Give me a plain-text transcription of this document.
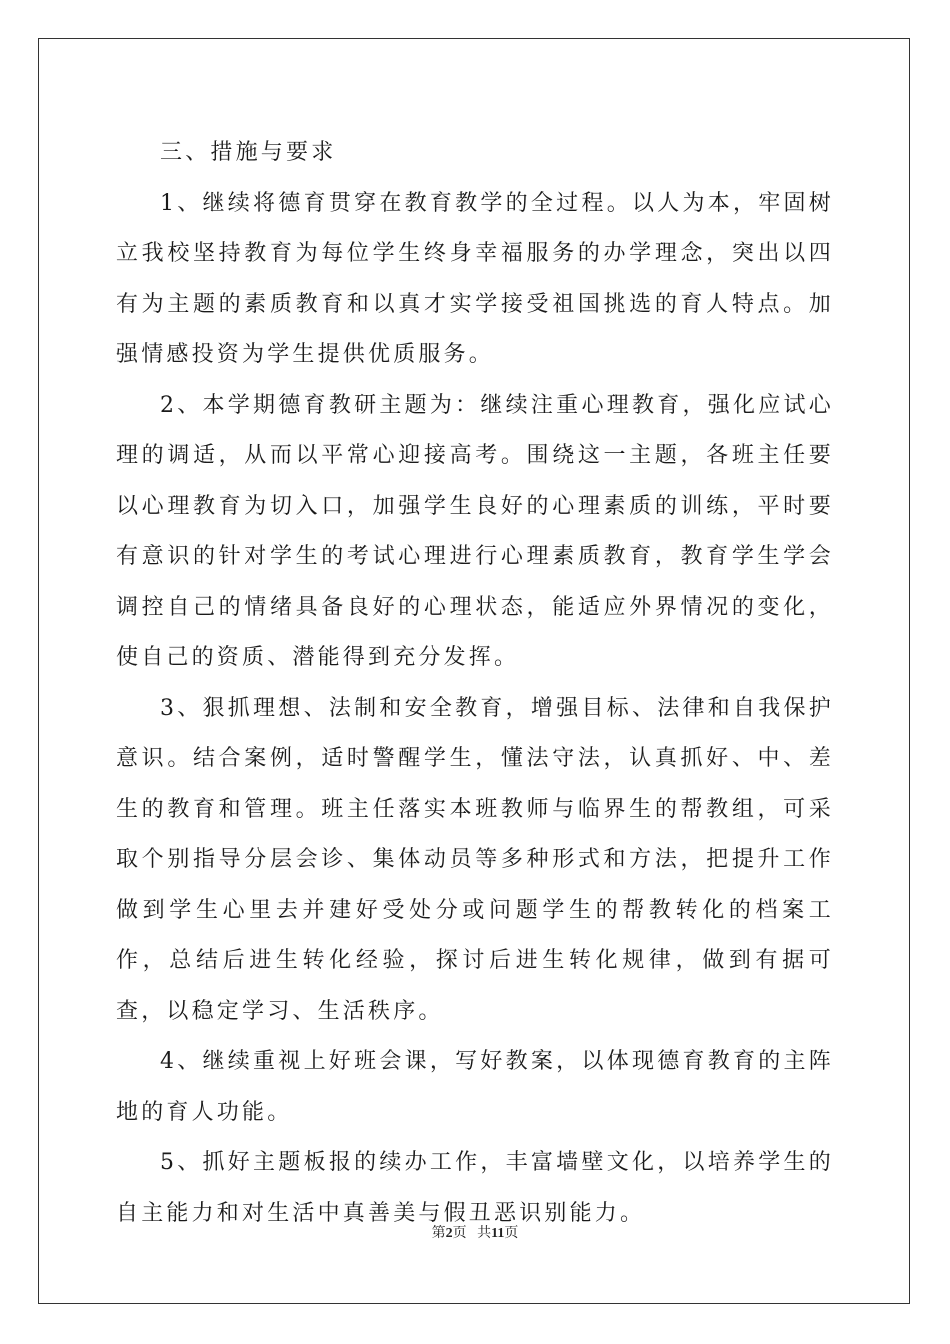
三、措施与要求

1、继续将德育贯穿在教育教学的全过程。以人为本，牢固树立我校坚持教育为每位学生终身幸福服务的办学理念，突出以四有为主题的素质教育和以真才实学接受祖国挑选的育人特点。加强情感投资为学生提供优质服务。

2、本学期德育教研主题为：继续注重心理教育，强化应试心理的调适，从而以平常心迎接高考。围绕这一主题，各班主任要以心理教育为切入口，加强学生良好的心理素质的训练，平时要有意识的针对学生的考试心理进行心理素质教育，教育学生学会调控自己的情绪具备良好的心理状态，能适应外界情况的变化，使自己的资质、潜能得到充分发挥。

3、狠抓理想、法制和安全教育，增强目标、法律和自我保护意识。结合案例，适时警醒学生，懂法守法，认真抓好、中、差生的教育和管理。班主任落实本班教师与临界生的帮教组，可采取个别指导分层会诊、集体动员等多种形式和方法，把提升工作做到学生心里去并建好受处分或问题学生的帮教转化的档案工作，总结后进生转化经验，探讨后进生转化规律，做到有据可查，以稳定学习、生活秩序。

4、继续重视上好班会课，写好教案，以体现德育教育的主阵地的育人功能。

5、抓好主题板报的续办工作，丰富墙壁文化，以培养学生的自主能力和对生活中真善美与假丑恶识别能力。

第2页   共11页
